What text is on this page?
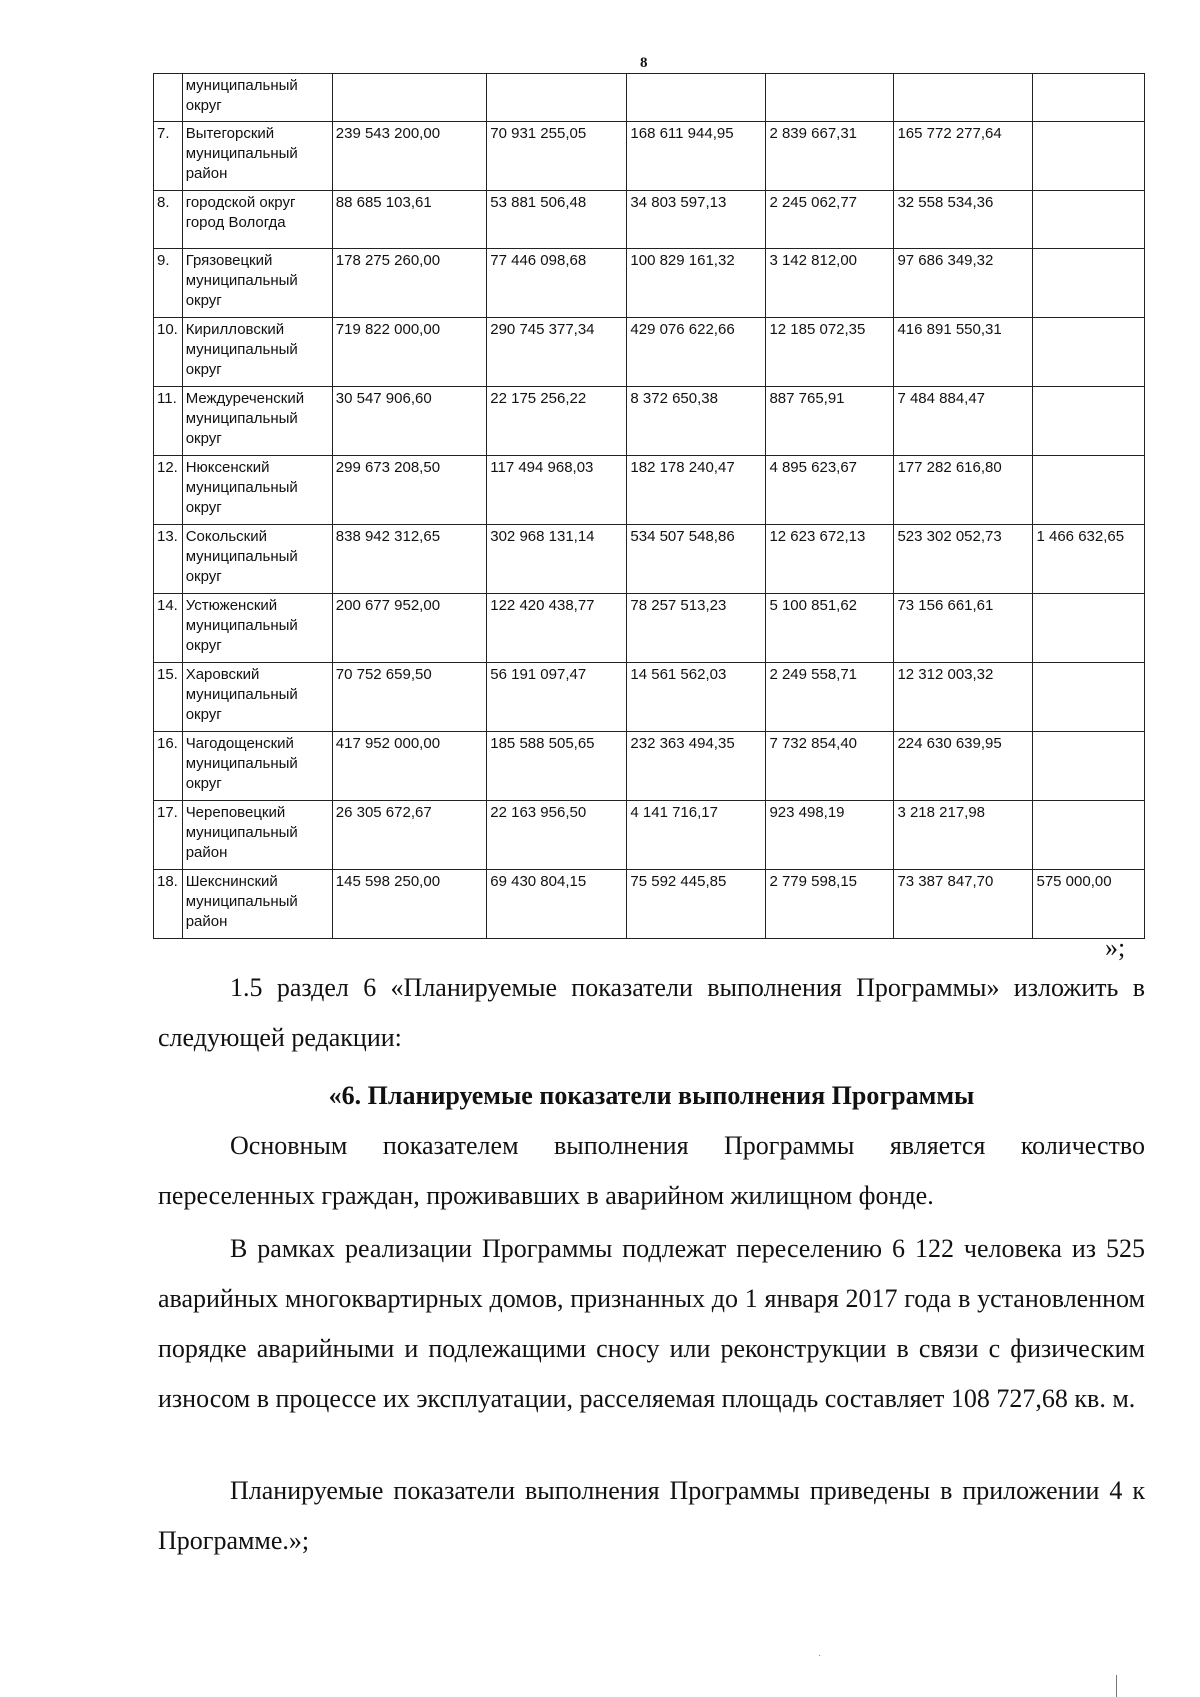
8
	муниципальный округ						
7.	Вытегорский муниципальный район	239 543 200,00	70 931 255,05	168 611 944,95	2 839 667,31	165 772 277,64	
8.	городской округ город Вологда	88 685 103,61	53 881 506,48	34 803 597,13	2 245 062,77	32 558 534,36	
9.	Грязовецкий муниципальный округ	178 275 260,00	77 446 098,68	100 829 161,32	3 142 812,00	97 686 349,32	
10.	Кирилловский муниципальный округ	719 822 000,00	290 745 377,34	429 076 622,66	12 185 072,35	416 891 550,31	
11.	Междуреченский муниципальный округ	30 547 906,60	22 175 256,22	8 372 650,38	887 765,91	7 484 884,47	
12.	Нюксенский муниципальный округ	299 673 208,50	117 494 968,03	182 178 240,47	4 895 623,67	177 282 616,80	
13.	Сокольский муниципальный округ	838 942 312,65	302 968 131,14	534 507 548,86	12 623 672,13	523 302 052,73	1 466 632,65
14.	Устюженский муниципальный округ	200 677 952,00	122 420 438,77	78 257 513,23	5 100 851,62	73 156 661,61	
15.	Харовский муниципальный округ	70 752 659,50	56 191 097,47	14 561 562,03	2 249 558,71	12 312 003,32	
16.	Чагодощенский муниципальный округ	417 952 000,00	185 588 505,65	232 363 494,35	7 732 854,40	224 630 639,95	
17.	Череповецкий муниципальный район	26 305 672,67	22 163 956,50	4 141 716,17	923 498,19	3 218 217,98	
18.	Шекснинский муниципальный район	145 598 250,00	69 430 804,15	75 592 445,85	2 779 598,15	73 387 847,70	575 000,00
»;

1.5 раздел 6 «Планируемые показатели выполнения Программы» изложить в следующей редакции:

«6. Планируемые показатели выполнения Программы

Основным показателем выполнения Программы является количество переселенных граждан, проживавших в аварийном жилищном фонде.

В рамках реализации Программы подлежат переселению 6 122 человека из 525 аварийных многоквартирных домов, признанных до 1 января 2017 года в установленном порядке аварийными и подлежащими сносу или реконструкции в связи с физическим износом в процессе их эксплуатации, расселяемая площадь составляет 108 727,68 кв. м.

Планируемые показатели выполнения Программы приведены в приложении 4 к Программе.»;

·
